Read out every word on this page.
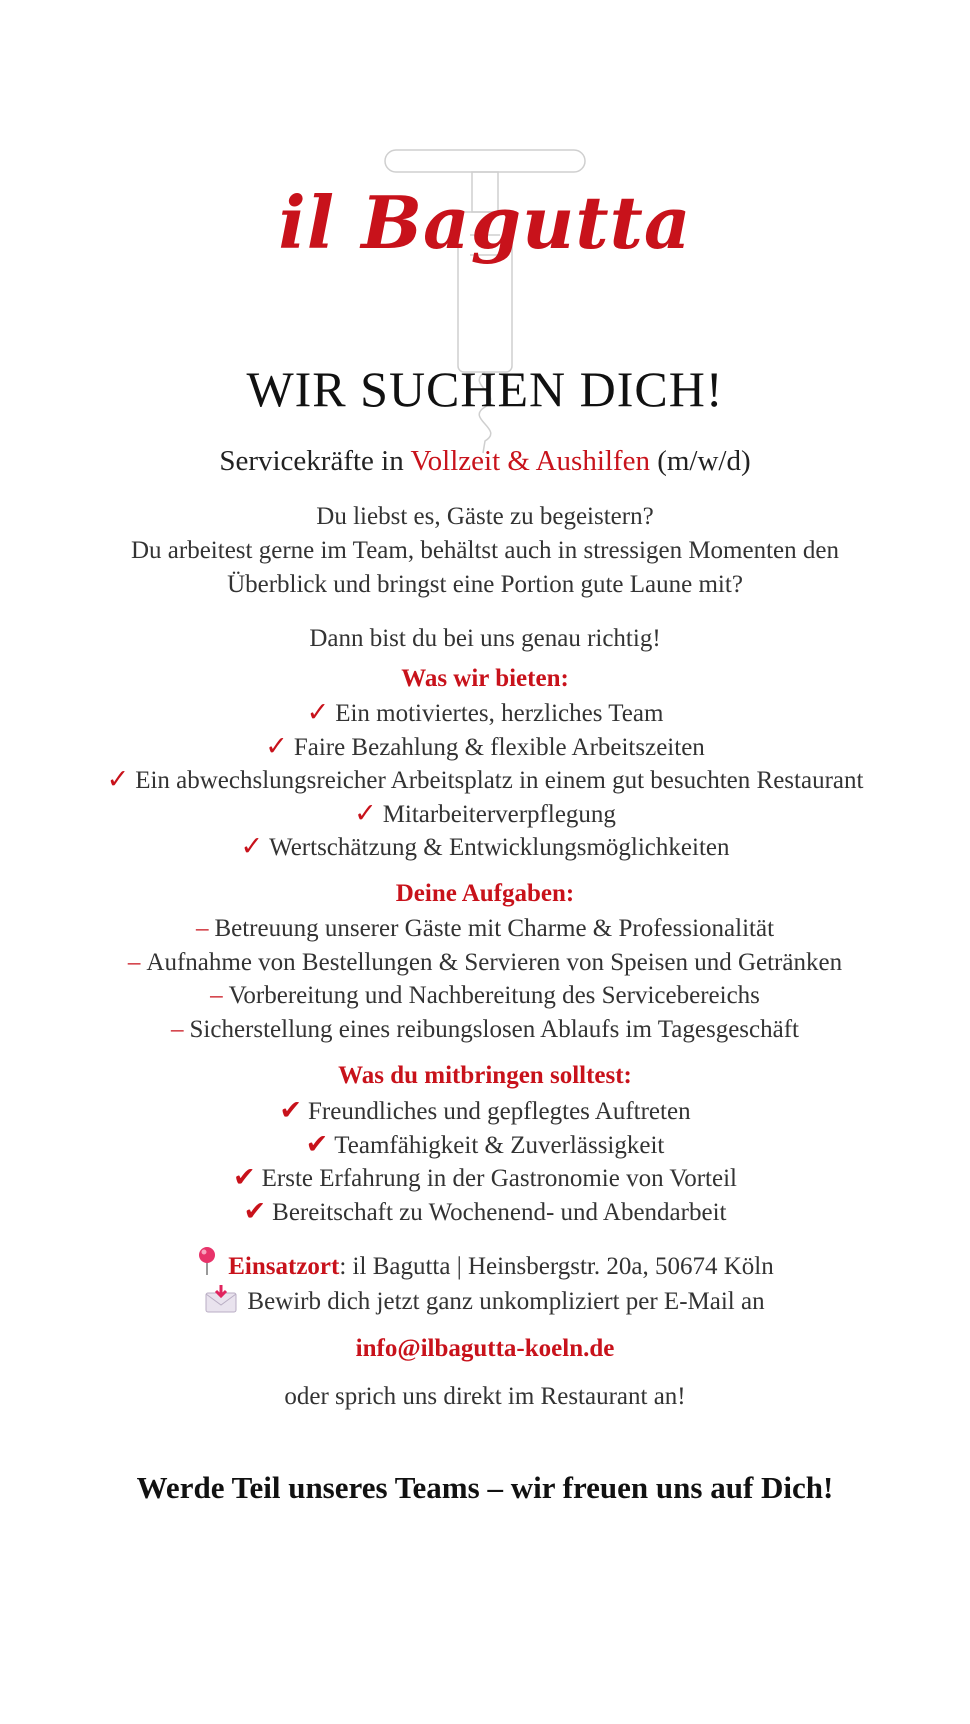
il Bagutta
WIR SUCHEN DICH!
Servicekräfte in Vollzeit & Aushilfen (m/w/d)
Du liebst es, Gäste zu begeistern?
Du arbeitest gerne im Team, behältst auch in stressigen Momenten den
Überblick und bringst eine Portion gute Laune mit?
Dann bist du bei uns genau richtig!
Was wir bieten:
✓ Ein motiviertes, herzliches Team
✓ Faire Bezahlung & flexible Arbeitszeiten
✓ Ein abwechslungsreicher Arbeitsplatz in einem gut besuchten Restaurant
✓ Mitarbeiterverpflegung
✓ Wertschätzung & Entwicklungsmöglichkeiten
Deine Aufgaben:
– Betreuung unserer Gäste mit Charme & Professionalität
– Aufnahme von Bestellungen & Servieren von Speisen und Getränken
– Vorbereitung und Nachbereitung des Servicebereichs
– Sicherstellung eines reibungslosen Ablaufs im Tagesgeschäft
Was du mitbringen solltest:
✔ Freundliches und gepflegtes Auftreten
✔ Teamfähigkeit & Zuverlässigkeit
✔ Erste Erfahrung in der Gastronomie von Vorteil
✔ Bereitschaft zu Wochenend- und Abendarbeit
Einsatzort: il Bagutta | Heinsbergstr. 20a, 50674 Köln
Bewirb dich jetzt ganz unkompliziert per E-Mail an
info@ilbagutta-koeln.de
oder sprich uns direkt im Restaurant an!
Werde Teil unseres Teams – wir freuen uns auf Dich!
